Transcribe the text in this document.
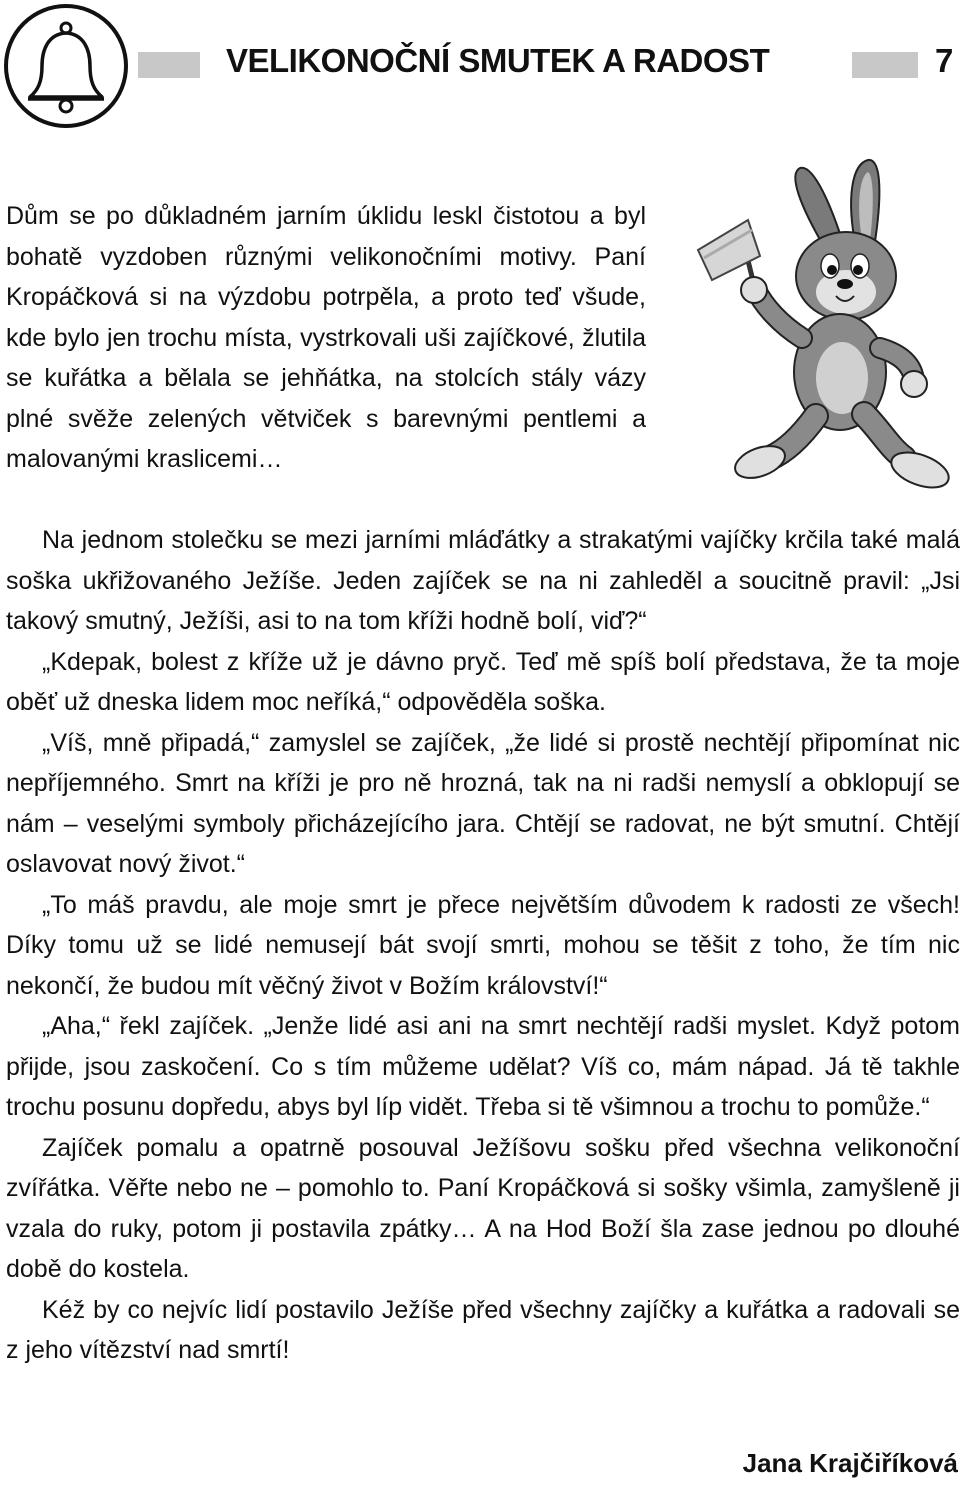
VELIKONOČNÍ SMUTEK A RADOST	7

Dům se po důkladném jarním úklidu leskl čistotou a byl bohatě vyzdoben různými velikonočními motivy. Paní Kropáčková si na výzdobu potrpěla, a proto teď všude, kde bylo jen trochu místa, vystrkovali uši zajíčkové, žlutila se kuřátka a bělala se jehňátka, na stolcích stály vázy plné svěže zelených větviček s barevnými pentlemi a malovanými kraslicemi…

Na jednom stolečku se mezi jarními mláďátky a strakatými vajíčky krčila také malá soška ukřižovaného Ježíše. Jeden zajíček se na ni zahleděl a soucitně pravil: „Jsi takový smutný, Ježíši, asi to na tom kříži hodně bolí, viď?“

„Kdepak, bolest z kříže už je dávno pryč. Teď mě spíš bolí představa, že ta moje oběť už dneska lidem moc neříká,“ odpověděla soška.

„Víš, mně připadá,“ zamyslel se zajíček, „že lidé si prostě nechtějí připomínat nic nepříjemného. Smrt na kříži je pro ně hrozná, tak na ni radši nemyslí a obklopují se nám – veselými symboly přicházejícího jara. Chtějí se radovat, ne být smutní. Chtějí oslavovat nový život.“

„To máš pravdu, ale moje smrt je přece největším důvodem k radosti ze všech! Díky tomu už se lidé nemusejí bát svojí smrti, mohou se těšit z toho, že tím nic nekončí, že budou mít věčný život v Božím království!“

„Aha,“ řekl zajíček. „Jenže lidé asi ani na smrt nechtějí radši myslet. Když potom přijde, jsou zaskočení. Co s tím můžeme udělat? Víš co, mám nápad. Já tě takhle trochu posunu dopředu, abys byl líp vidět. Třeba si tě všimnou a trochu to pomůže.“

Zajíček pomalu a opatrně posouval Ježíšovu sošku před všechna velikonoční zvířátka. Věřte nebo ne – pomohlo to. Paní Kropáčková si sošky všimla, zamyšleně ji vzala do ruky, potom ji postavila zpátky… A na Hod Boží šla zase jednou po dlouhé době do kostela.

Kéž by co nejvíc lidí postavilo Ježíše před všechny zajíčky a kuřátka a radovali se z jeho vítězství nad smrtí!

Jana Krajčiříková
